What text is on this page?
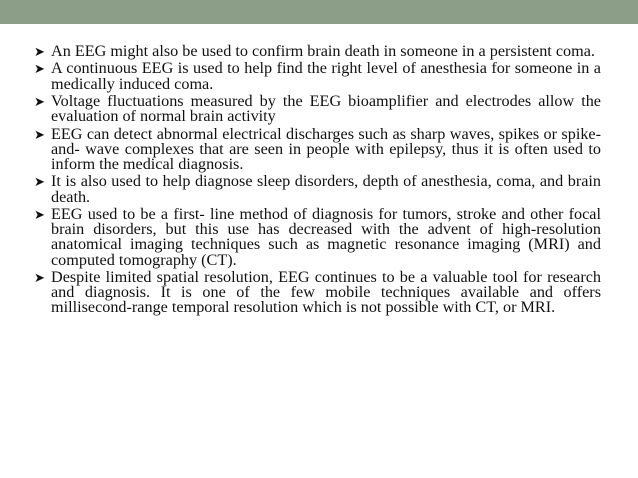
➤ An EEG might also be used to confirm brain death in someone in a persistent coma.
➤ A continuous EEG is used to help find the right level of anesthesia for someone in a medically induced coma.
➤ Voltage fluctuations measured by the EEG bioamplifier and electrodes allow the evaluation of normal brain activity
➤ EEG can detect abnormal electrical discharges such as sharp waves, spikes or spike-and- wave complexes that are seen in people with epilepsy, thus it is often used to inform the medical diagnosis.
➤ It is also used to help diagnose sleep disorders, depth of anesthesia, coma, and brain death.
➤ EEG used to be a first- line method of diagnosis for tumors, stroke and other focal brain disorders, but this use has decreased with the advent of high-resolution anatomical imaging techniques such as magnetic resonance imaging (MRI) and computed tomography (CT).
➤ Despite limited spatial resolution, EEG continues to be a valuable tool for research and diagnosis. It is one of the few mobile techniques available and offers millisecond-range temporal resolution which is not possible with CT, or MRI.
